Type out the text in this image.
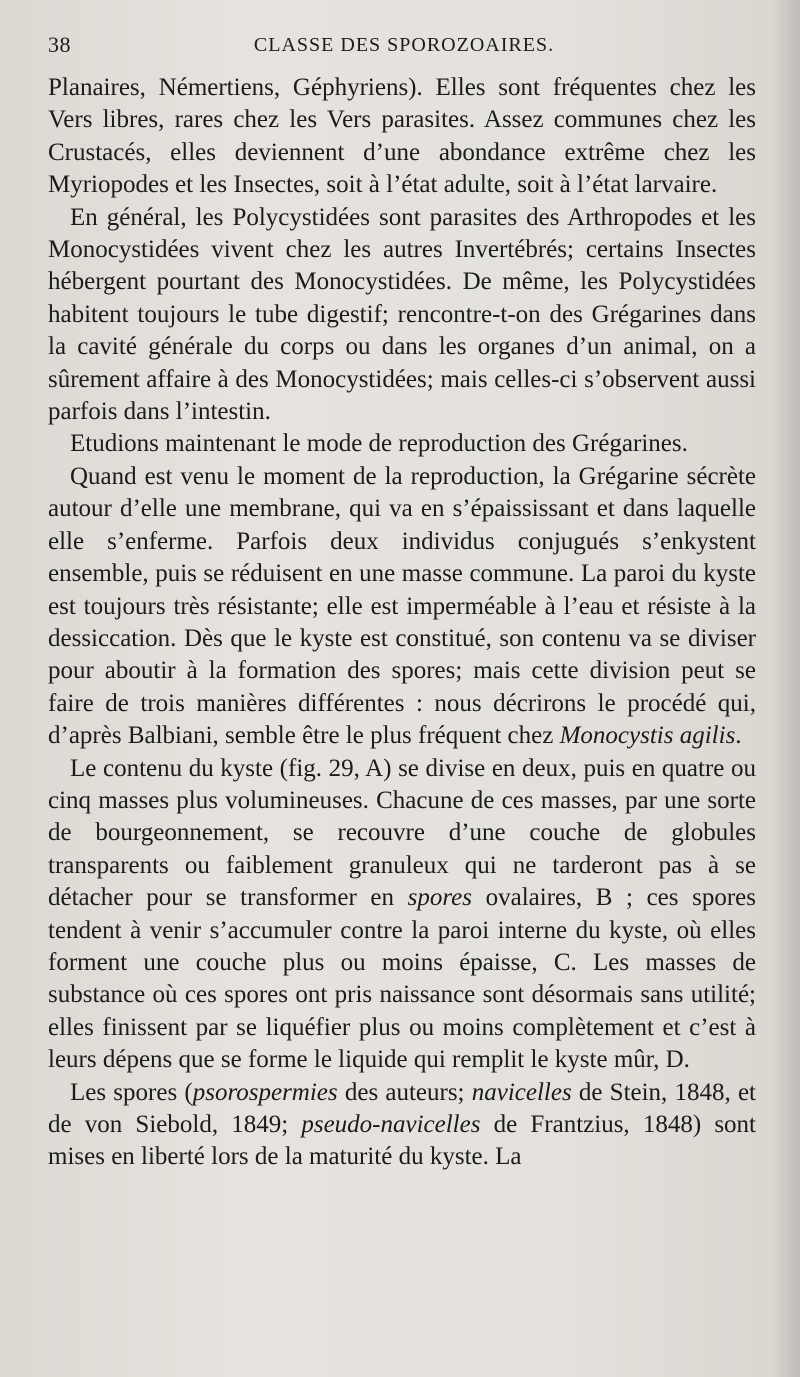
38	CLASSE DES SPOROZOAIRES.

Planaires, Némertiens, Géphyriens). Elles sont fréquentes chez les Vers libres, rares chez les Vers parasites. Assez communes chez les Crustacés, elles deviennent d’une abondance extrême chez les Myriopodes et les Insectes, soit à l’état adulte, soit à l’état larvaire.

En général, les Polycystidées sont parasites des Arthropodes et les Monocystidées vivent chez les autres Invertébrés; certains Insectes hébergent pourtant des Monocystidées. De même, les Polycystidées habitent toujours le tube digestif; rencontre-t-on des Grégarines dans la cavité générale du corps ou dans les organes d’un animal, on a sûrement affaire à des Monocystidées; mais celles-ci s’observent aussi parfois dans l’intestin.

Etudions maintenant le mode de reproduction des Grégarines.

Quand est venu le moment de la reproduction, la Grégarine sécrète autour d’elle une membrane, qui va en s’épaississant et dans laquelle elle s’enferme. Parfois deux individus conjugués s’enkystent ensemble, puis se réduisent en une masse commune. La paroi du kyste est toujours très résistante; elle est imperméable à l’eau et résiste à la dessiccation. Dès que le kyste est constitué, son contenu va se diviser pour aboutir à la formation des spores; mais cette division peut se faire de trois manières différentes : nous décrirons le procédé qui, d’après Balbiani, semble être le plus fréquent chez Monocystis agilis.

Le contenu du kyste (fig. 29, A) se divise en deux, puis en quatre ou cinq masses plus volumineuses. Chacune de ces masses, par une sorte de bourgeonnement, se recouvre d’une couche de globules transparents ou faiblement granuleux qui ne tarderont pas à se détacher pour se transformer en spores ovalaires, B ; ces spores tendent à venir s’accumuler contre la paroi interne du kyste, où elles forment une couche plus ou moins épaisse, C. Les masses de substance où ces spores ont pris naissance sont désormais sans utilité; elles finissent par se liquéfier plus ou moins complètement et c’est à leurs dépens que se forme le liquide qui remplit le kyste mûr, D.

Les spores (psorospermies des auteurs; navicelles de Stein, 1848, et de von Siebold, 1849; pseudo-navicelles de Frantzius, 1848) sont mises en liberté lors de la maturité du kyste. La
